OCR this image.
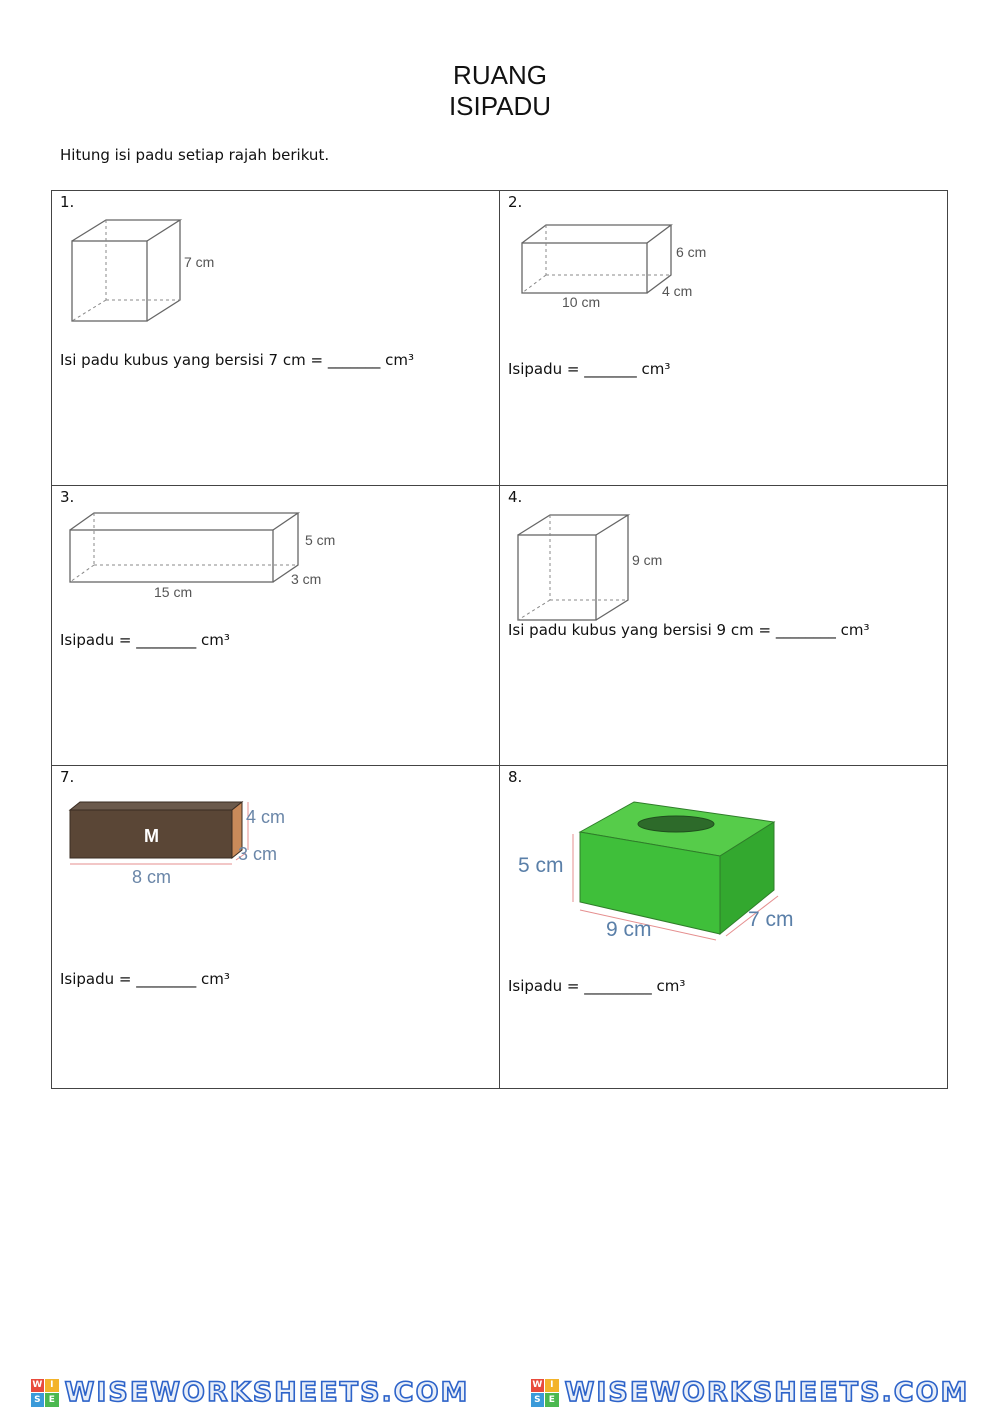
RUANG
ISIPADU
Hitung isi padu setiap rajah berikut.
1.
7 cm
Isi padu kubus yang bersisi 7 cm = _______ cm³
2.
6 cm
4 cm
10 cm
Isipadu = _______ cm³
3.
5 cm
3 cm
15 cm
Isipadu = ________ cm³
4.
9 cm
Isi padu kubus yang bersisi 9 cm = ________ cm³
7.
M
4 cm
3 cm
8 cm
Isipadu = ________ cm³
8.
5 cm
9 cm	7 cm
Isipadu = _________ cm³
W I
S E WISEWORKSHEETS.COM	W I
S E WISEWORKSHEETS.COM
